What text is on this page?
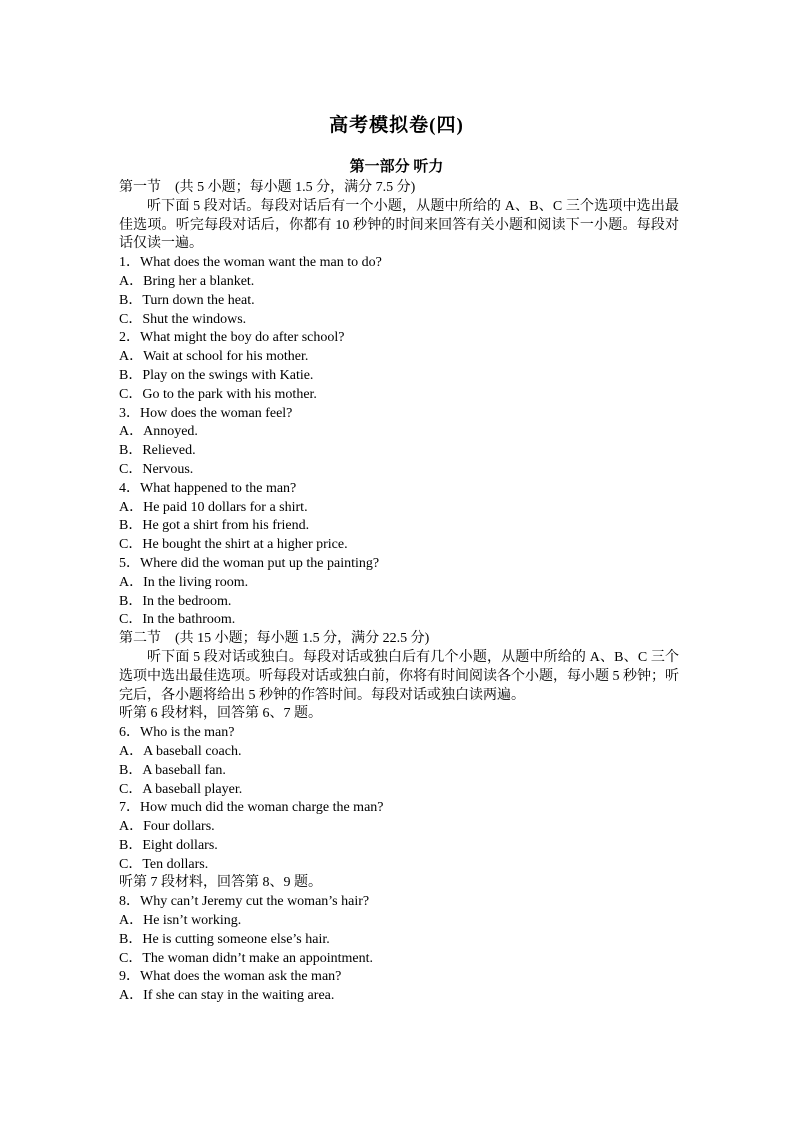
高考模拟卷(四)
第一部分 听力
第一节　(共 5 小题；每小题 1.5 分，满分 7.5 分)
听下面 5 段对话。每段对话后有一个小题，从题中所给的 A、B、C 三个选项中选出最佳选项。听完每段对话后，你都有 10 秒钟的时间来回答有关小题和阅读下一小题。每段对话仅读一遍。
1．What does the woman want the man to do?
A．Bring her a blanket.
B．Turn down the heat.
C．Shut the windows.
2．What might the boy do after school?
A．Wait at school for his mother.
B．Play on the swings with Katie.
C．Go to the park with his mother.
3．How does the woman feel?
A．Annoyed.
B．Relieved.
C．Nervous.
4．What happened to the man?
A．He paid 10 dollars for a shirt.
B．He got a shirt from his friend.
C．He bought the shirt at a higher price.
5．Where did the woman put up the painting?
A．In the living room.
B．In the bedroom.
C．In the bathroom.
第二节　(共 15 小题；每小题 1.5 分，满分 22.5 分)
听下面 5 段对话或独白。每段对话或独白后有几个小题，从题中所给的 A、B、C 三个选项中选出最佳选项。听每段对话或独白前，你将有时间阅读各个小题，每小题 5 秒钟；听完后，各小题将给出 5 秒钟的作答时间。每段对话或独白读两遍。
听第 6 段材料，回答第 6、7 题。
6．Who is the man?
A．A baseball coach.
B．A baseball fan.
C．A baseball player.
7．How much did the woman charge the man?
A．Four dollars.
B．Eight dollars.
C．Ten dollars.
听第 7 段材料，回答第 8、9 题。
8．Why can’t Jeremy cut the woman’s hair?
A．He isn’t working.
B．He is cutting someone else’s hair.
C．The woman didn’t make an appointment.
9．What does the woman ask the man?
A．If she can stay in the waiting area.
